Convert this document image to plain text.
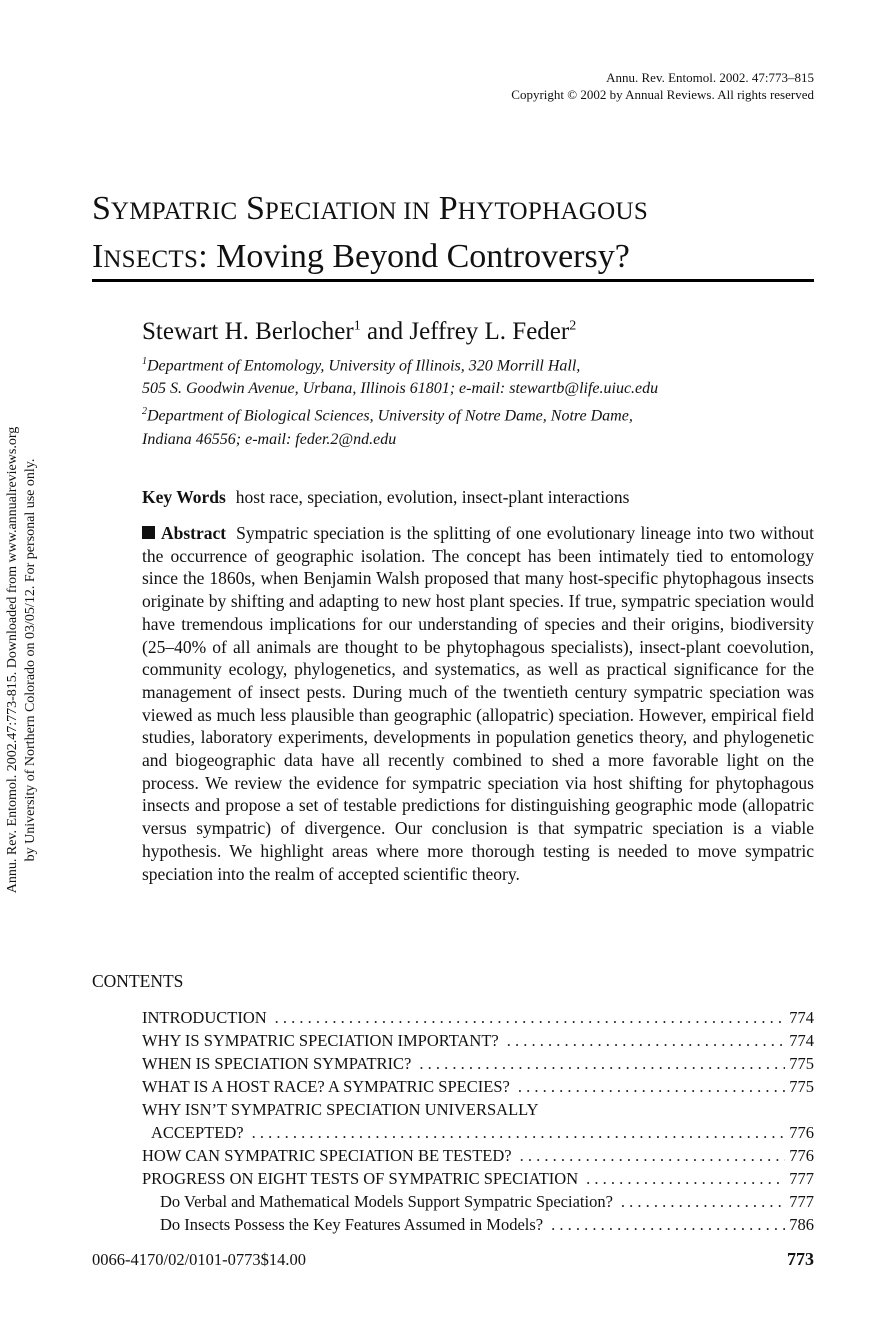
Annu. Rev. Entomol. 2002. 47:773–815
Copyright © 2002 by Annual Reviews. All rights reserved
SYMPATRIC SPECIATION IN PHYTOPHAGOUS
INSECTS: Moving Beyond Controversy?
Stewart H. Berlocher$^1$ and Jeffrey L. Feder$^2$
$^1$Department of Entomology, University of Illinois, 320 Morrill Hall,
505 S. Goodwin Avenue, Urbana, Illinois 61801; e-mail: stewartb@life.uiuc.edu
$^2$Department of Biological Sciences, University of Notre Dame, Notre Dame,
Indiana 46556; e-mail: feder.2@nd.edu
Key Words host race, speciation, evolution, insect-plant interactions
Abstract Sympatric speciation is the splitting of one evolutionary lineage into two without the occurrence of geographic isolation. The concept has been intimately tied to entomology since the 1860s, when Benjamin Walsh proposed that many host-specific phytophagous insects originate by shifting and adapting to new host plant species. If true, sympatric speciation would have tremendous implications for our understanding of species and their origins, biodiversity (25–40% of all animals are thought to be phytophagous specialists), insect-plant coevolution, community ecology, phylogenetics, and systematics, as well as practical significance for the management of insect pests. During much of the twentieth century sympatric speciation was viewed as much less plausible than geographic (allopatric) speciation. However, empirical field studies, laboratory experiments, developments in population genetics theory, and phylogenetic and biogeographic data have all recently combined to shed a more favorable light on the process. We review the evidence for sympatric speciation via host shifting for phytophagous insects and propose a set of testable predictions for distinguishing geographic mode (allopatric versus sympatric) of divergence. Our conclusion is that sympatric speciation is a viable hypothesis. We highlight areas where more thorough testing is needed to move sympatric speciation into the realm of accepted scientific theory.
Annu. Rev. Entomol. 2002.47:773-815. Downloaded from www.annualreviews.org by University of Northern Colorado on 03/05/12. For personal use only.
CONTENTS
INTRODUCTION . . .	774
WHY IS SYMPATRIC SPECIATION IMPORTANT? . . .	774
WHEN IS SPECIATION SYMPATRIC? . . .	775
WHAT IS A HOST RACE? A SYMPATRIC SPECIES? . . .	775
WHY ISN’T SYMPATRIC SPECIATION UNIVERSALLY
ACCEPTED? . . .	776
HOW CAN SYMPATRIC SPECIATION BE TESTED? . . .	776
PROGRESS ON EIGHT TESTS OF SYMPATRIC SPECIATION . . .	777
Do Verbal and Mathematical Models Support Sympatric Speciation? . . .	777
Do Insects Possess the Key Features Assumed in Models? . . .	786
0066-4170/02/0101-0773$14.00	773
